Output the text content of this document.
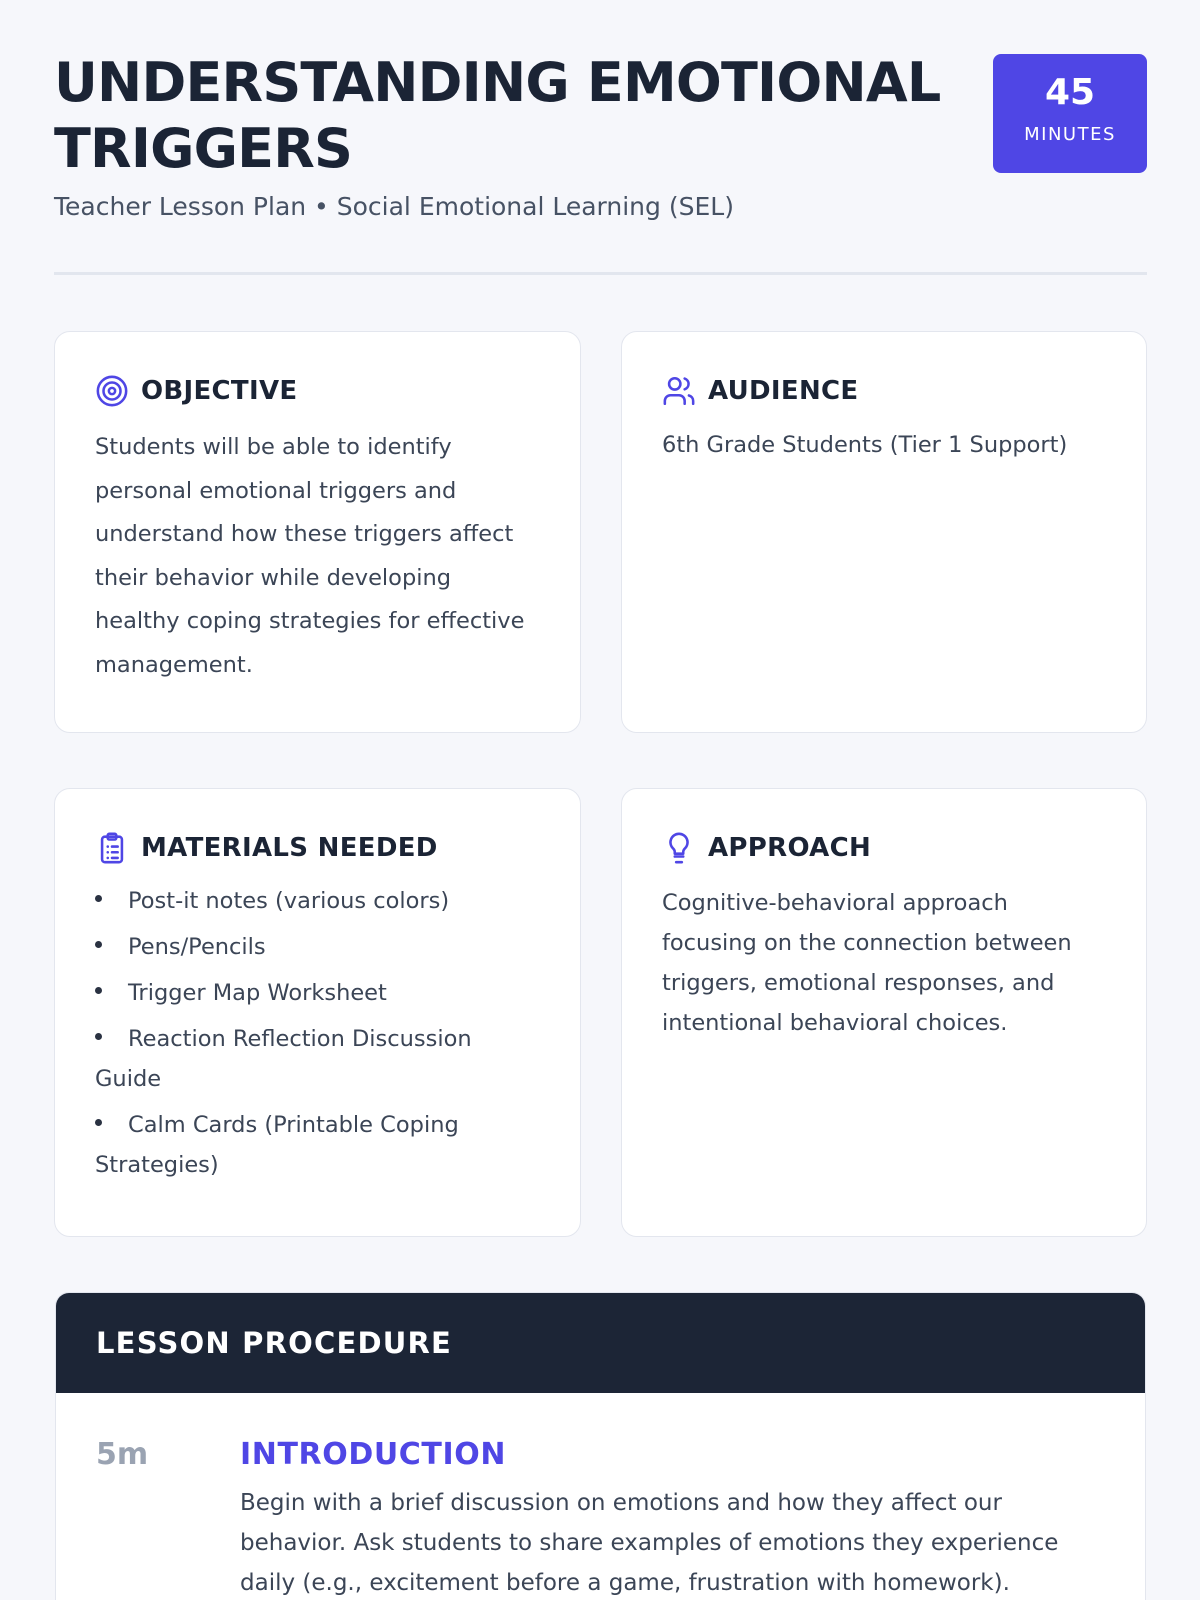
UNDERSTANDING EMOTIONAL TRIGGERS
Teacher Lesson Plan • Social Emotional Learning (SEL)
45
MINUTES
OBJECTIVE
Students will be able to identify personal emotional triggers and understand how these triggers affect their behavior while developing healthy coping strategies for effective management.
AUDIENCE
6th Grade Students (Tier 1 Support)
MATERIALS NEEDED
Post-it notes (various colors)
Pens/Pencils
Trigger Map Worksheet
Reaction Reflection Discussion Guide
Calm Cards (Printable Coping Strategies)
APPROACH
Cognitive-behavioral approach focusing on the connection between triggers, emotional responses, and intentional behavioral choices.
LESSON PROCEDURE
5m	INTRODUCTION
Begin with a brief discussion on emotions and how they affect our behavior. Ask students to share examples of emotions they experience daily (e.g., excitement before a game, frustration with homework).
